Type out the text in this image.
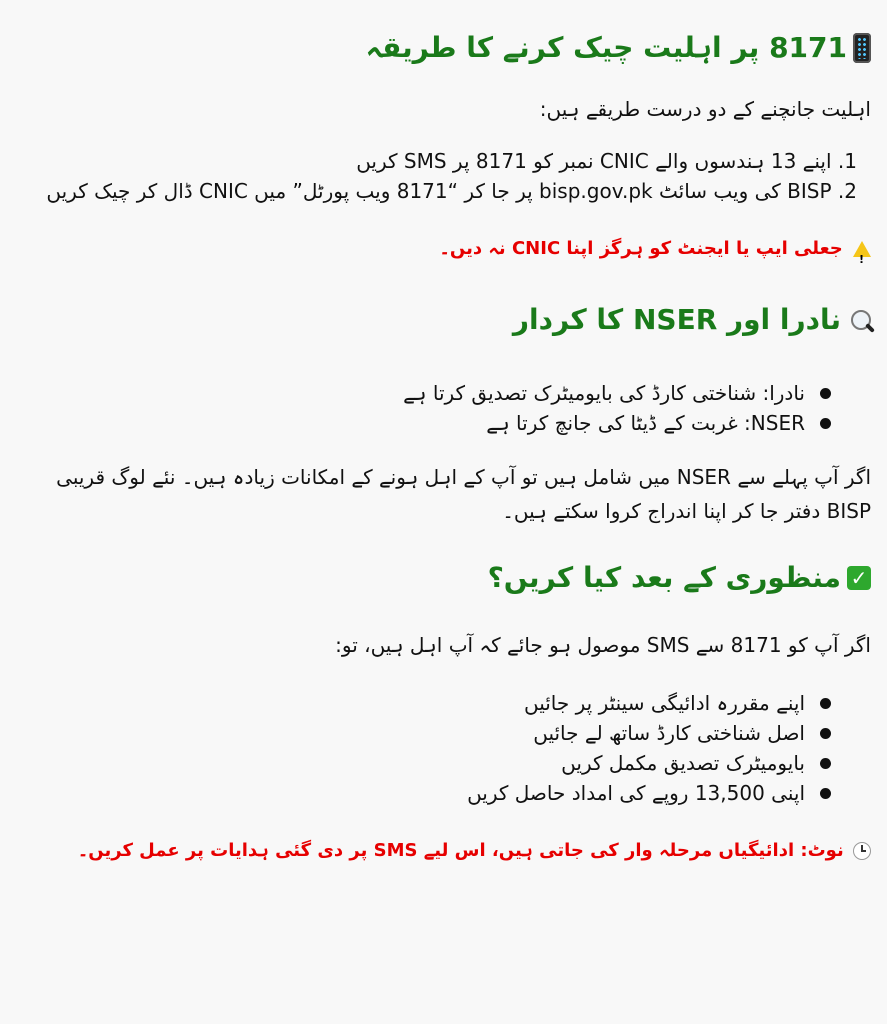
8171 پر اہلیت چیک کرنے کا طریقہ

اہلیت جانچنے کے دو درست طریقے ہیں:

1. اپنے 13 ہندسوں والے CNIC نمبر کو 8171 پر SMS کریں
2. BISP کی ویب سائٹ bisp.gov.pk پر جا کر “8171 ویب پورٹل” میں CNIC ڈال کر چیک کریں

! جعلی ایپ یا ایجنٹ کو ہرگز اپنا CNIC نہ دیں۔

نادرا اور NSER کا کردار
نادرا: شناختی کارڈ کی بایومیٹرک تصدیق کرتا ہے
NSER: غربت کے ڈیٹا کی جانچ کرتا ہے

اگر آپ پہلے سے NSER میں شامل ہیں تو آپ کے اہل ہونے کے امکانات زیادہ ہیں۔ نئے لوگ قریبی BISP دفتر جا کر اپنا اندراج کروا سکتے ہیں۔

✓
منظوری کے بعد کیا کریں؟

اگر آپ کو 8171 سے SMS موصول ہو جائے کہ آپ اہل ہیں، تو:

اپنے مقررہ ادائیگی سینٹر پر جائیں
اصل شناختی کارڈ ساتھ لے جائیں
بایومیٹرک تصدیق مکمل کریں
اپنی 13,500 روپے کی امداد حاصل کریں

نوٹ: ادائیگیاں مرحلہ وار کی جاتی ہیں، اس لیے SMS پر دی گئی ہدایات پر عمل کریں۔
